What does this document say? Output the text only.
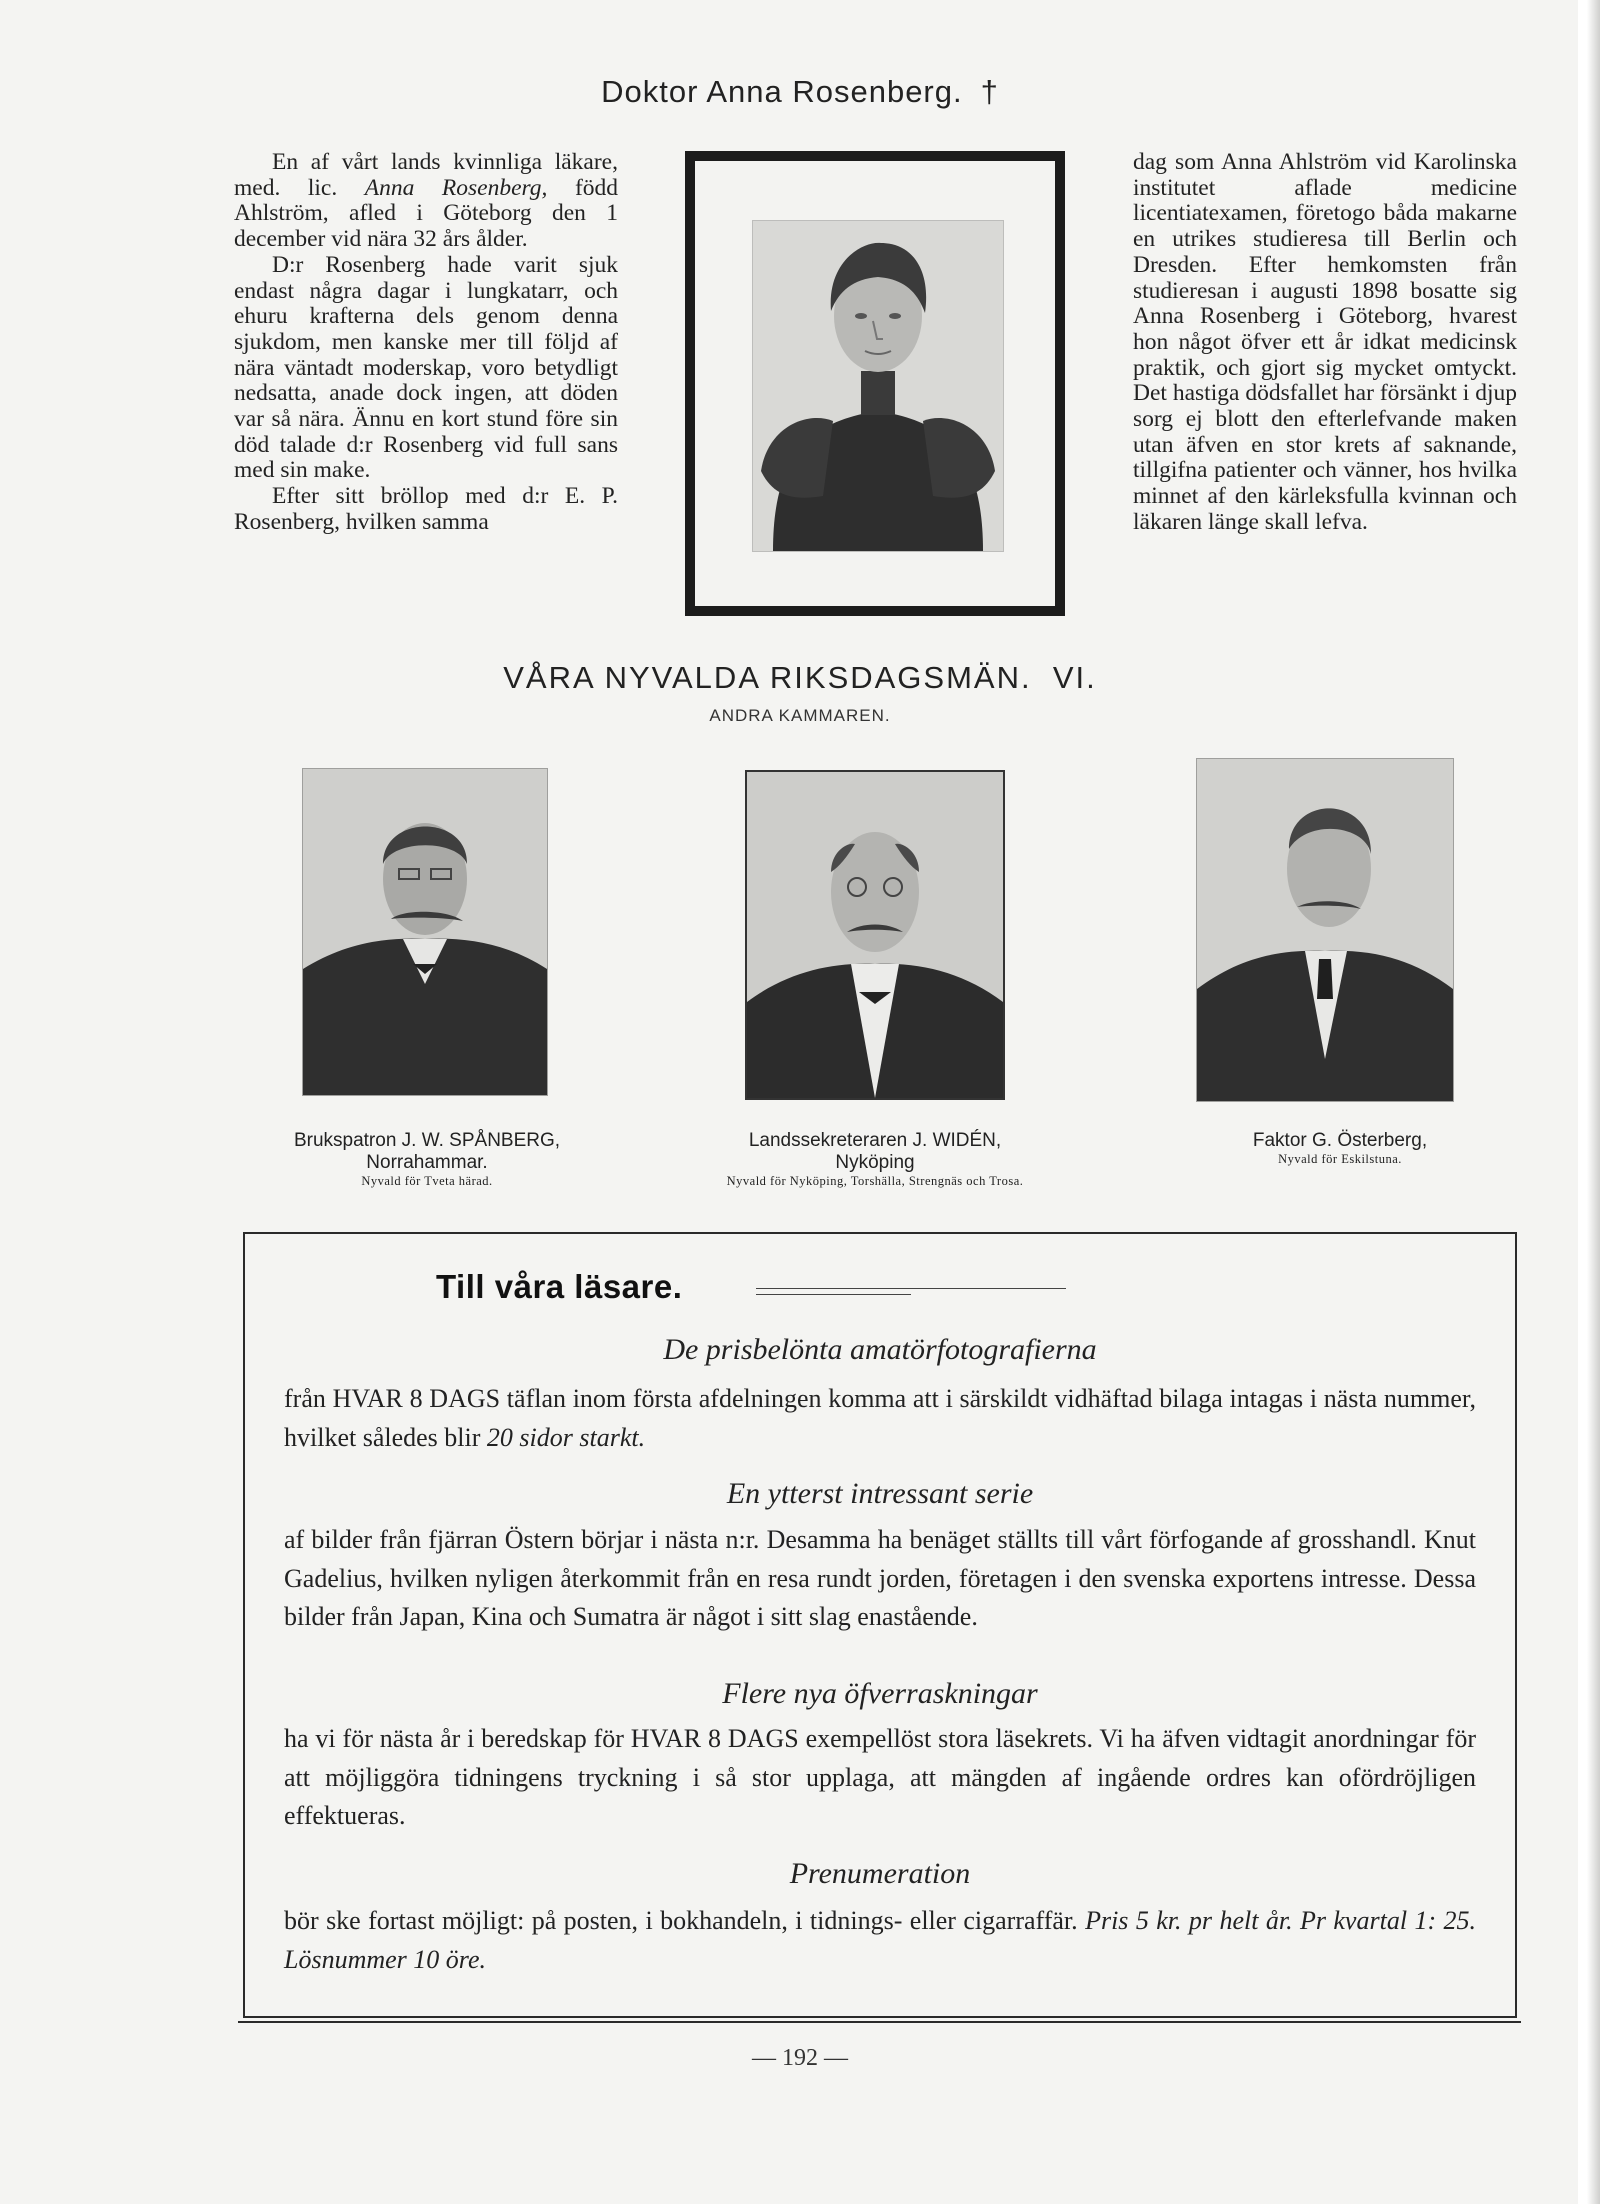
Doktor Anna Rosenberg. †

En af vårt lands kvinnliga läkare, med. lic. Anna Rosenberg, född Ahlström, afled i Göteborg den 1 december vid nära 32 års ålder.

D:r Rosenberg hade varit sjuk endast några dagar i lungkatarr, och ehuru krafterna dels genom denna sjukdom, men kanske mer till följd af nära väntadt moderskap, voro betydligt nedsatta, anade dock ingen, att döden var så nära. Ännu en kort stund före sin död talade d:r Rosenberg vid full sans med sin make.

Efter sitt bröllop med d:r E. P. Rosenberg, hvilken samma

dag som Anna Ahlström vid Karolinska institutet aflade medicine licentiatexamen, företogo båda makarne en utrikes studieresa till Berlin och Dresden. Efter hemkomsten från studieresan i augusti 1898 bosatte sig Anna Rosenberg i Göteborg, hvarest hon något öfver ett år idkat medicinsk praktik, och gjort sig mycket omtyckt. Det hastiga dödsfallet har försänkt i djup sorg ej blott den efterlefvande maken utan äfven en stor krets af saknande, tillgifna patienter och vänner, hos hvilka minnet af den kärleksfulla kvinnan och läkaren länge skall lefva.

VÅRA NYVALDA RIKSDAGSMÄN. VI.
ANDRA KAMMAREN.
Brukspatron J. W. SPÅNBERG,
Norrahammar.
Nyvald för Tveta härad.
Landssekreteraren J. WIDÉN,
Nyköping
Nyvald för Nyköping, Torshälla, Strengnäs och Trosa.
Faktor G. Österberg,
Nyvald för Eskilstuna.
Till våra läsare.
De prisbelönta amatörfotografierna
från HVAR 8 DAGS täflan inom första afdelningen komma att i särskildt vidhäftad bilaga intagas i nästa nummer, hvilket således blir 20 sidor starkt.
En ytterst intressant serie
af bilder från fjärran Östern börjar i nästa n:r. Desamma ha benäget ställts till vårt förfogande af grosshandl. Knut Gadelius, hvilken nyligen återkommit från en resa rundt jorden, företagen i den svenska exportens intresse. Dessa bilder från Japan, Kina och Sumatra är något i sitt slag enastående.
Flere nya öfverraskningar
ha vi för nästa år i beredskap för HVAR 8 DAGS exempellöst stora läsekrets. Vi ha äfven vidtagit anordningar för att möjliggöra tidningens tryckning i så stor upplaga, att mängden af ingående ordres kan ofördröjligen effektueras.
Prenumeration
bör ske fortast möjligt: på posten, i bokhandeln, i tidnings- eller cigarraffär. Pris 5 kr. pr helt år. Pr kvartal 1: 25. Lösnummer 10 öre.
— 192 —
